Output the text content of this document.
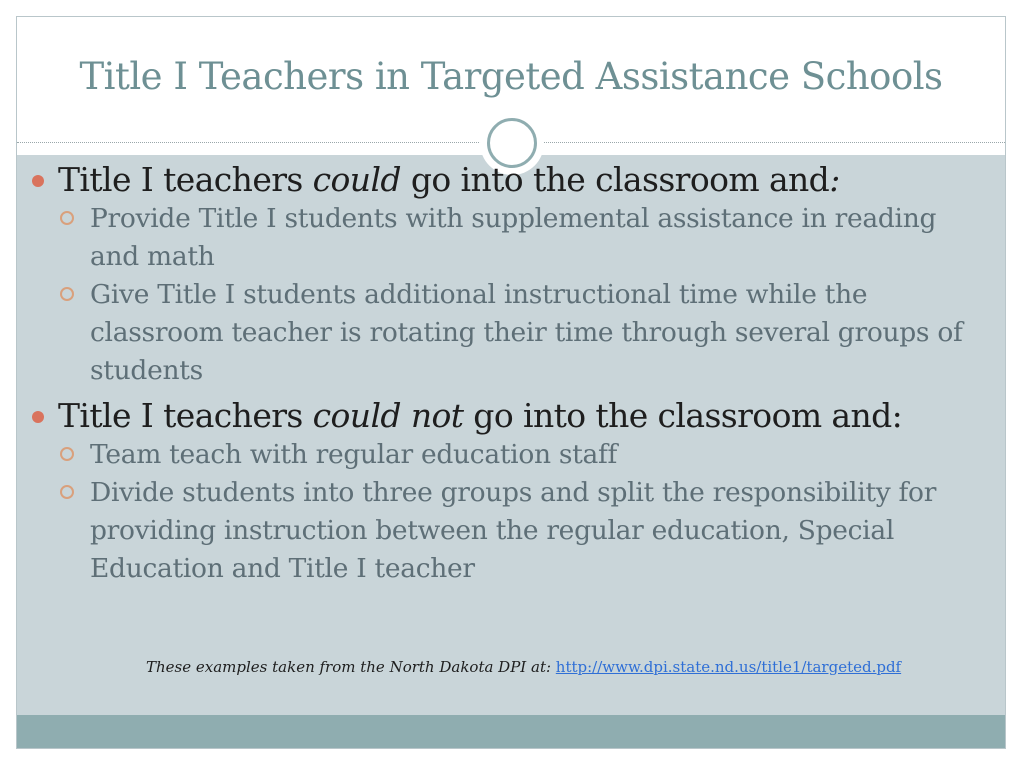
Title I Teachers in Targeted Assistance Schools

Title I teachers could go into the classroom and:

Provide Title I students with supplemental assistance in reading and math

Give Title I students additional instructional time while the classroom teacher is rotating their time through several groups of students

Title I teachers could not go into the classroom and:

Team teach with regular education staff

Divide students into three groups and split the responsibility for providing instruction between the regular education, Special Education and Title I teacher

These examples taken from the North Dakota DPI at: http://www.dpi.state.nd.us/title1/targeted.pdf
